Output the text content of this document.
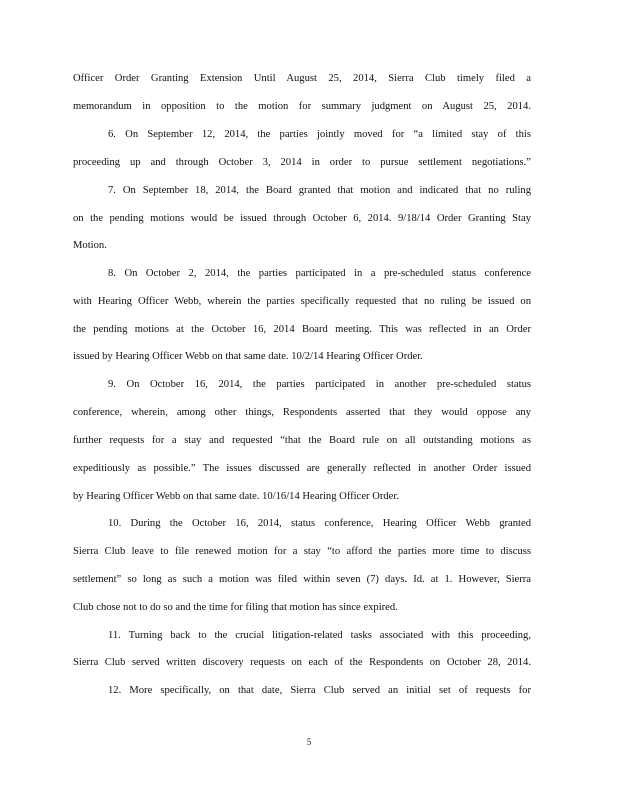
Officer Order Granting Extension Until August 25, 2014, Sierra Club timely filed a
memorandum in opposition to the motion for summary judgment on August 25, 2014.
6. On September 12, 2014, the parties jointly moved for “a limited stay of this
proceeding up and through October 3, 2014 in order to pursue settlement negotiations.”
7. On September 18, 2014, the Board granted that motion and indicated that no ruling
on the pending motions would be issued through October 6, 2014. 9/18/14 Order Granting Stay
Motion.
8. On October 2, 2014, the parties participated in a pre-scheduled status conference
with Hearing Officer Webb, wherein the parties specifically requested that no ruling be issued on
the pending motions at the October 16, 2014 Board meeting. This was reflected in an Order
issued by Hearing Officer Webb on that same date. 10/2/14 Hearing Officer Order.
9. On October 16, 2014, the parties participated in another pre-scheduled status
conference, wherein, among other things, Respondents asserted that they would oppose any
further requests for a stay and requested “that the Board rule on all outstanding motions as
expeditiously as possible.” The issues discussed are generally reflected in another Order issued
by Hearing Officer Webb on that same date. 10/16/14 Hearing Officer Order.
10. During the October 16, 2014, status conference, Hearing Officer Webb granted
Sierra Club leave to file renewed motion for a stay “to afford the parties more time to discuss
settlement” so long as such a motion was filed within seven (7) days. Id. at 1. However, Sierra
Club chose not to do so and the time for filing that motion has since expired.
11. Turning back to the crucial litigation-related tasks associated with this proceeding,
Sierra Club served written discovery requests on each of the Respondents on October 28, 2014.
12. More specifically, on that date, Sierra Club served an initial set of requests for
5
